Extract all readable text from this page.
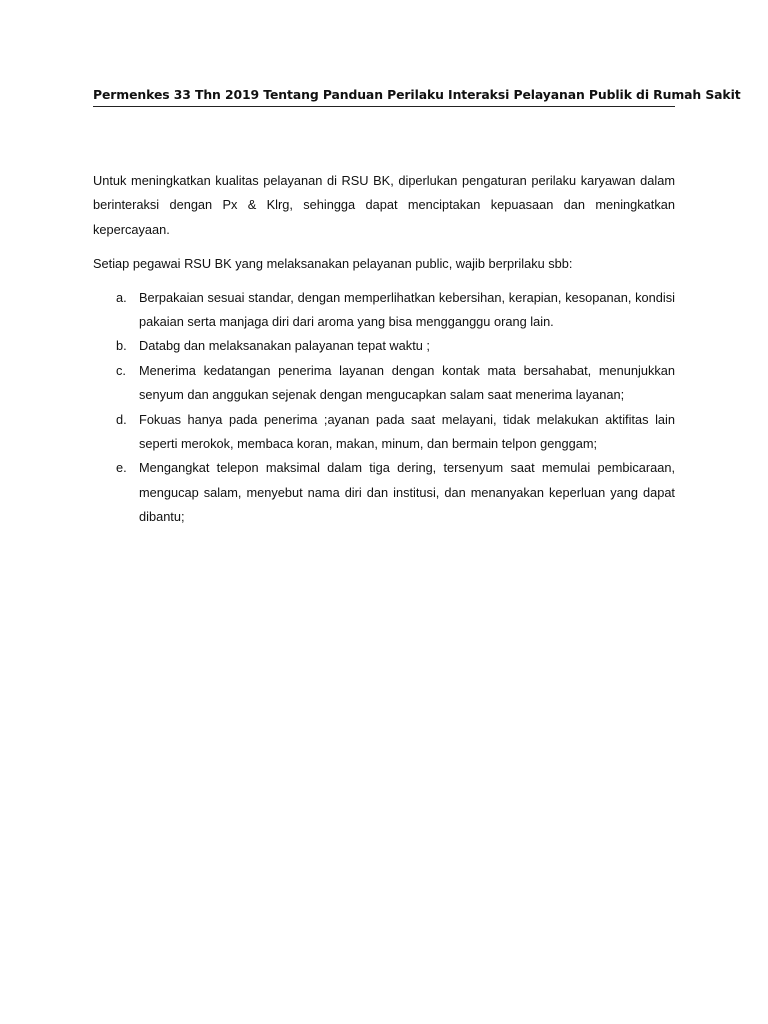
Permenkes 33 Thn 2019 Tentang Panduan Perilaku Interaksi Pelayanan Publik di Rumah Sakit

Untuk meningkatkan kualitas pelayanan di RSU BK, diperlukan pengaturan perilaku karyawan dalam berinteraksi dengan Px & Klrg, sehingga dapat menciptakan kepuasaan dan meningkatkan kepercayaan.

Setiap pegawai RSU BK yang melaksanakan pelayanan public, wajib berprilaku sbb:

a. Berpakaian sesuai standar, dengan memperlihatkan kebersihan, kerapian, kesopanan, kondisi pakaian serta manjaga diri dari aroma yang bisa mengganggu orang lain.
b. Databg dan melaksanakan palayanan tepat waktu ;
c. Menerima kedatangan penerima layanan dengan kontak mata bersahabat, menunjukkan senyum dan anggukan sejenak dengan mengucapkan salam saat menerima layanan;
d. Fokuas hanya pada penerima ;ayanan pada saat melayani, tidak melakukan aktifitas lain seperti merokok, membaca koran, makan, minum, dan bermain telpon genggam;
e. Mengangkat telepon maksimal dalam tiga dering, tersenyum saat memulai pembicaraan, mengucap salam, menyebut nama diri dan institusi, dan menanyakan keperluan yang dapat dibantu;
